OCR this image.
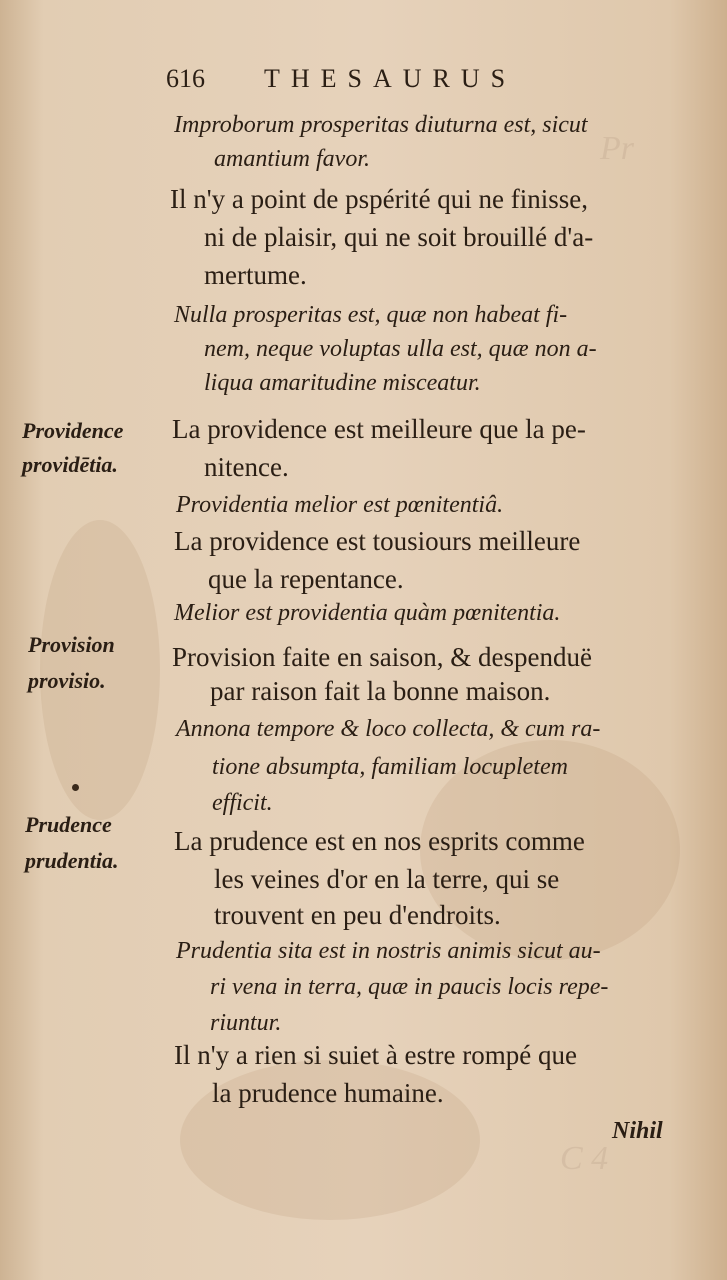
Pr
C 4
616 THESAURUS
Providence
providētia.
Provision
provisio.
Prudence
prudentia.
Improborum prosperitas diuturna est, sicut
amantium favor.
Il n'y a point de pspérité qui ne finisse,
ni de plaisir, qui ne soit brouillé d'a-
mertume.
Nulla prosperitas est, quæ non habeat fi-
nem, neque voluptas ulla est, quæ non a-
liqua amaritudine misceatur.
La providence est meilleure que la pe-
nitence.
Providentia melior est pœnitentiâ.
La providence est tousiours meilleure
que la repentance.
Melior est providentia quàm pœnitentia.
Provision faite en saison, & despenduë
par raison fait la bonne maison.
Annona tempore & loco collecta, & cum ra-
tione absumpta, familiam locupletem
efficit.
La prudence est en nos esprits comme
les veines d'or en la terre, qui se
trouvent en peu d'endroits.
Prudentia sita est in nostris animis sicut au-
ri vena in terra, quæ in paucis locis repe-
riuntur.
Il n'y a rien si suiet à estre rompé que
la prudence humaine.
Nihil
